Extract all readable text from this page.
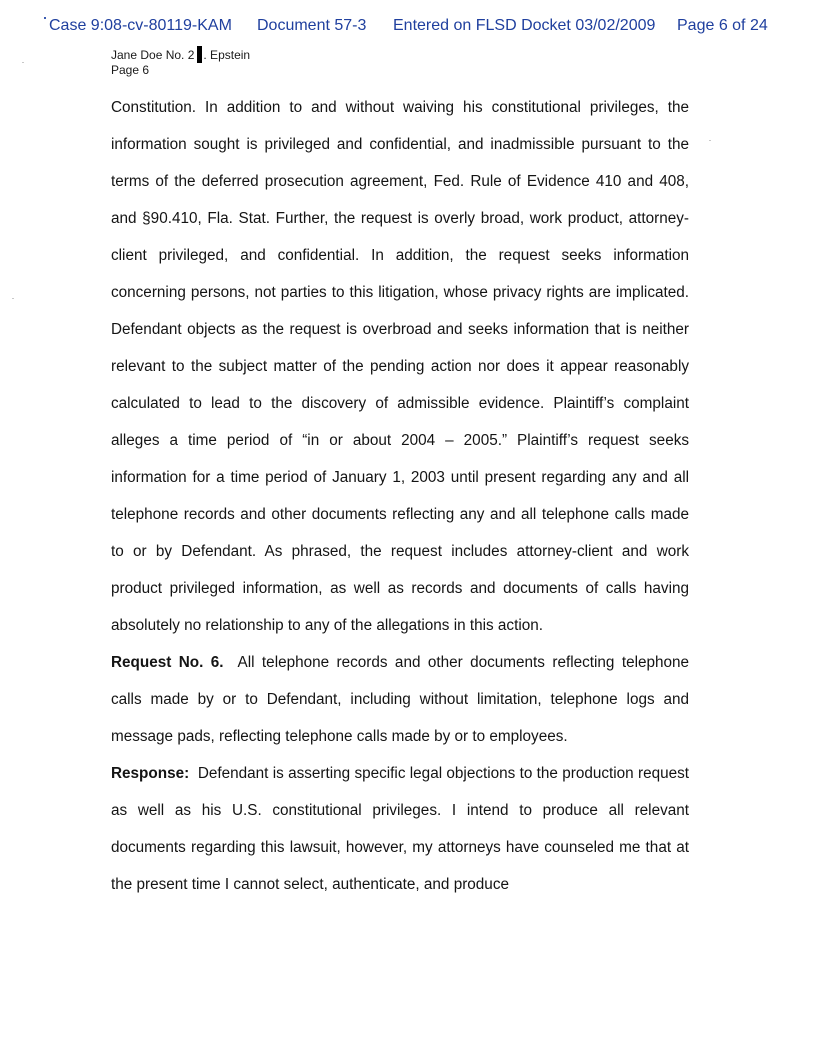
Case 9:08-cv-80119-KAM Document 57-3 Entered on FLSD Docket 03/02/2009 Page 6 of 24
Jane Doe No. 2 . Epstein
Page 6

Constitution. In addition to and without waiving his constitutional privileges, the information sought is privileged and confidential, and inadmissible pursuant to the terms of the deferred prosecution agreement, Fed. Rule of Evidence 410 and 408, and §90.410, Fla. Stat. Further, the request is overly broad, work product, attorney-client privileged, and confidential. In addition, the request seeks information concerning persons, not parties to this litigation, whose privacy rights are implicated. Defendant objects as the request is overbroad and seeks information that is neither relevant to the subject matter of the pending action nor does it appear reasonably calculated to lead to the discovery of admissible evidence. Plaintiff’s complaint alleges a time period of “in or about 2004 – 2005.” Plaintiff’s request seeks information for a time period of January 1, 2003 until present regarding any and all telephone records and other documents reflecting any and all telephone calls made to or by Defendant. As phrased, the request includes attorney-client and work product privileged information, as well as records and documents of calls having absolutely no relationship to any of the allegations in this action.

Request No. 6. All telephone records and other documents reflecting telephone calls made by or to Defendant, including without limitation, telephone logs and message pads, reflecting telephone calls made by or to employees.

Response: Defendant is asserting specific legal objections to the production request as well as his U.S. constitutional privileges. I intend to produce all relevant documents regarding this lawsuit, however, my attorneys have counseled me that at the present time I cannot select, authenticate, and produce
